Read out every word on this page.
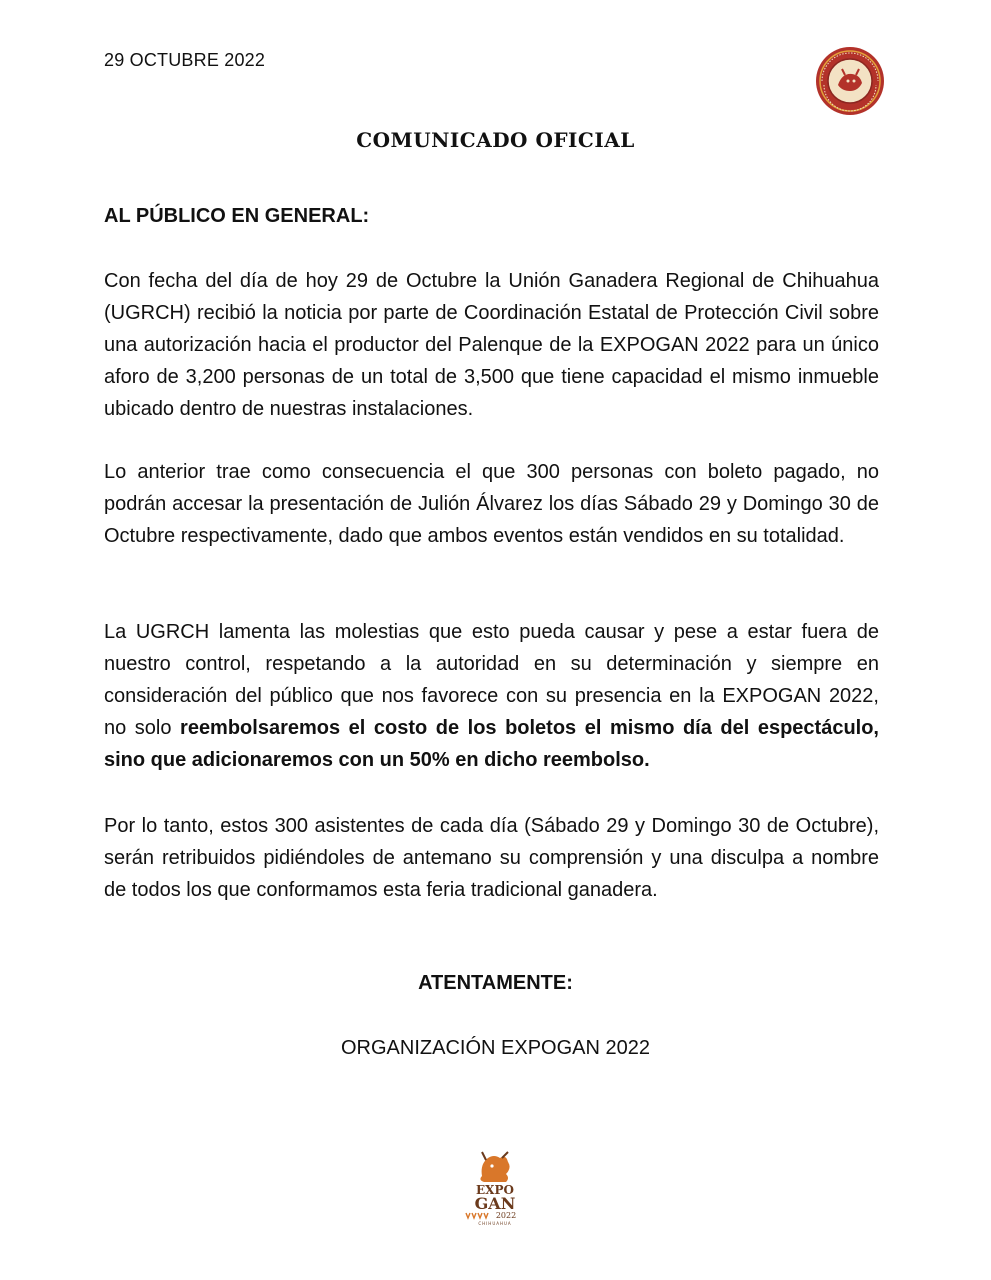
29 OCTUBRE 2022
COMUNICADO OFICIAL
AL PÚBLICO EN GENERAL:

Con fecha del día de hoy 29 de Octubre la Unión Ganadera Regional de Chihuahua (UGRCH) recibió la noticia por parte de Coordinación Estatal de Protección Civil sobre una autorización hacia el productor del Palenque de la EXPOGAN 2022 para un único aforo de 3,200 personas de un total de 3,500 que tiene capacidad el mismo inmueble ubicado dentro de nuestras instalaciones.

Lo anterior trae como consecuencia el que 300 personas con boleto pagado, no podrán accesar la presentación de Julión Álvarez los días Sábado 29 y Domingo 30 de Octubre respectivamente, dado que ambos eventos están vendidos en su totalidad.

La UGRCH lamenta las molestias que esto pueda causar y pese a estar fuera de nuestro control, respetando a la autoridad en su determinación y siempre en consideración del público que nos favorece con su presencia en la EXPOGAN 2022, no solo reembolsaremos el costo de los boletos el mismo día del espectáculo, sino que adicionaremos con un 50% en dicho reembolso.

Por lo tanto, estos 300 asistentes de cada día (Sábado 29 y Domingo 30 de Octubre), serán retribuidos pidiéndoles de antemano su comprensión y una disculpa a nombre de todos los que conformamos esta feria tradicional ganadera.

ATENTAMENTE:
ORGANIZACIÓN EXPOGAN 2022
EXPO
GAN
2022
CHIHUAHUA
